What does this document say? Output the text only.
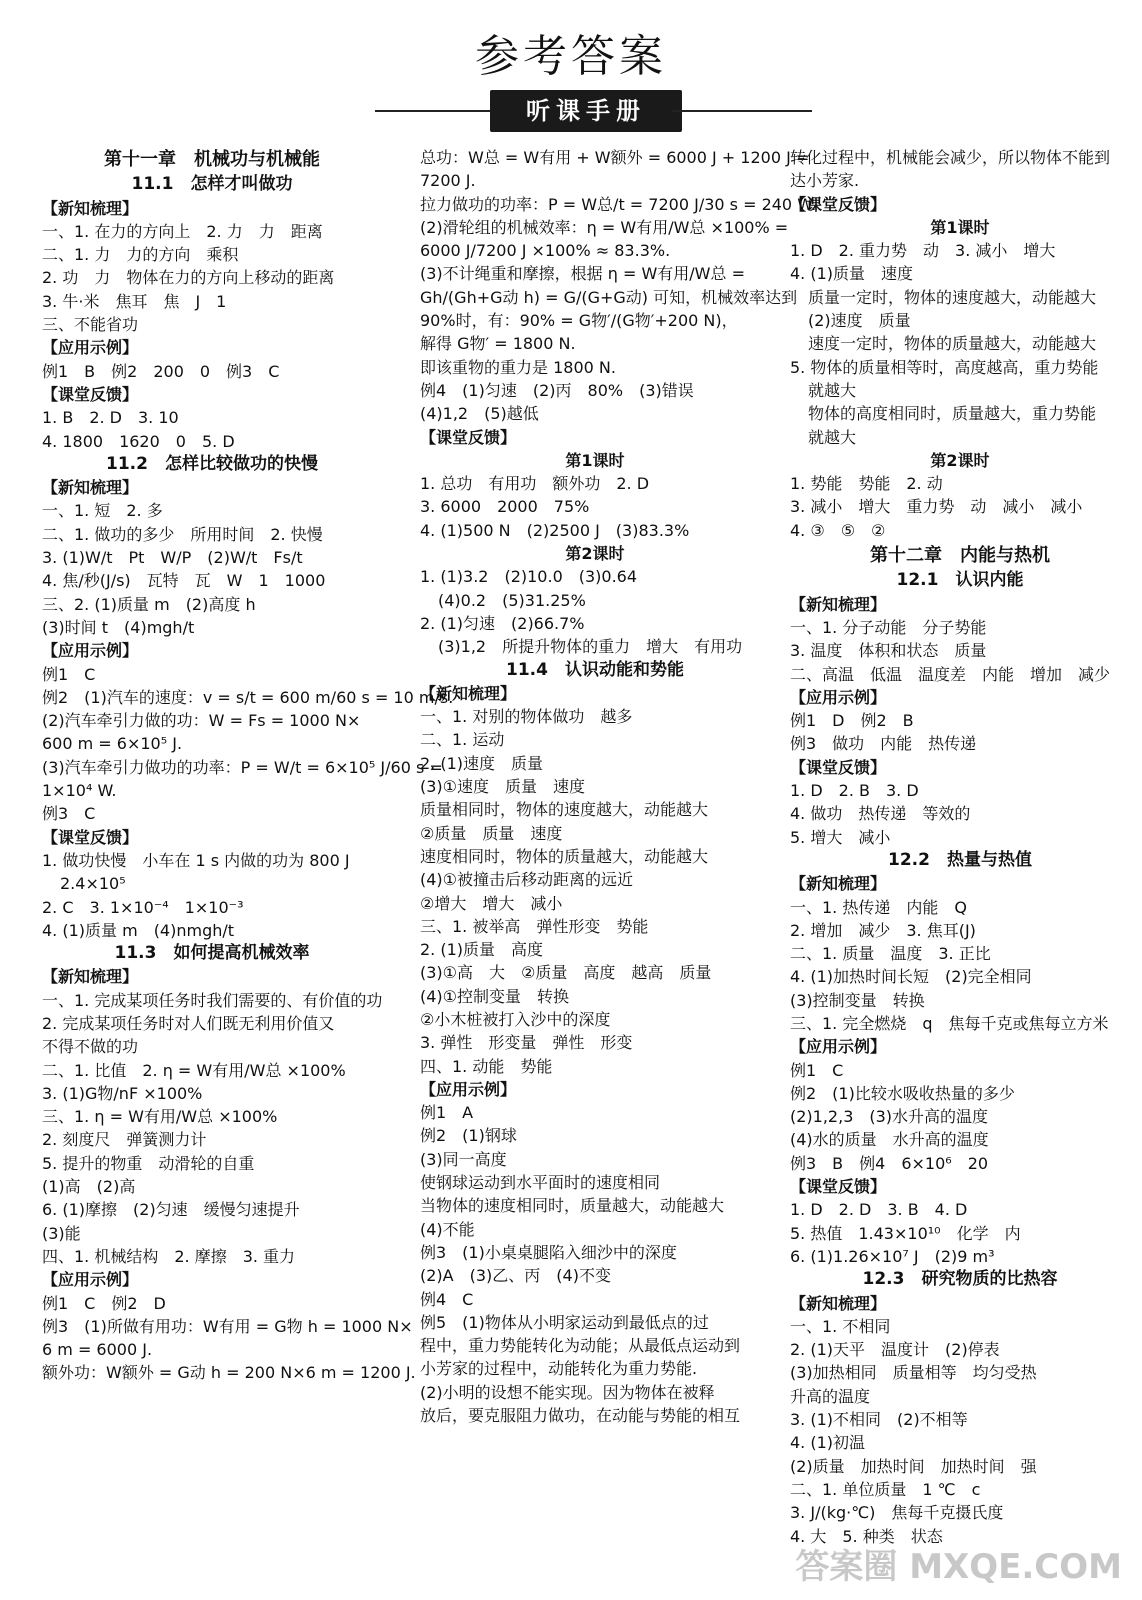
参考答案
听课手册
第十一章　机械功与机械能
11.1　怎样才叫做功
【新知梳理】
一、1. 在力的方向上　2. 力　力　距离
二、1. 力　力的方向　乘积
2. 功　力　物体在力的方向上移动的距离
3. 牛·米　焦耳　焦　J　1
三、不能省功
【应用示例】
例1　B　例2　200　0　例3　C
【课堂反馈】
1. B　2. D　3. 10
4. 1800　1620　0　5. D
11.2　怎样比较做功的快慢
【新知梳理】
一、1. 短　2. 多
二、1. 做功的多少　所用时间　2. 快慢
3. (1)W/t　Pt　W/P　(2)W/t　Fs/t
4. 焦/秒(J/s)　瓦特　瓦　W　1　1000
三、2. (1)质量 m　(2)高度 h
(3)时间 t　(4)mgh/t
【应用示例】
例1　C
例2　(1)汽车的速度：v = s/t = 600 m/60 s = 10 m/s.
(2)汽车牵引力做的功：W = Fs = 1000 N×
600 m = 6×10⁵ J.
(3)汽车牵引力做功的功率：P = W/t = 6×10⁵ J/60 s =
1×10⁴ W.
例3　C
【课堂反馈】
1. 做功快慢　小车在 1 s 内做的功为 800 J
2.4×10⁵
2. C　3. 1×10⁻⁴　1×10⁻³
4. (1)质量 m　(4)nmgh/t
11.3　如何提高机械效率
【新知梳理】
一、1. 完成某项任务时我们需要的、有价值的功
2. 完成某项任务时对人们既无利用价值又
不得不做的功
二、1. 比值　2. η = W有用/W总 ×100%
3. (1)G物/nF ×100%
三、1. η = W有用/W总 ×100%
2. 刻度尺　弹簧测力计
5. 提升的物重　动滑轮的自重
(1)高　(2)高
6. (1)摩擦　(2)匀速　缓慢匀速提升
(3)能
四、1. 机械结构　2. 摩擦　3. 重力
【应用示例】
例1　C　例2　D
例3　(1)所做有用功：W有用 = G物 h = 1000 N×
6 m = 6000 J.
额外功：W额外 = G动 h = 200 N×6 m = 1200 J.
总功：W总 = W有用 + W额外 = 6000 J + 1200 J =
7200 J.
拉力做功的功率：P = W总/t = 7200 J/30 s = 240 W.
(2)滑轮组的机械效率：η = W有用/W总 ×100% =
6000 J/7200 J ×100% ≈ 83.3%.
(3)不计绳重和摩擦，根据 η = W有用/W总 =
Gh/(Gh+G动 h) = G/(G+G动) 可知，机械效率达到
90%时，有：90% = G物′/(G物′+200 N)，
解得 G物′ = 1800 N.
即该重物的重力是 1800 N.
例4　(1)匀速　(2)丙　80%　(3)错误
(4)1,2　(5)越低
【课堂反馈】
第1课时
1. 总功　有用功　额外功　2. D
3. 6000　2000　75%
4. (1)500 N　(2)2500 J　(3)83.3%
第2课时
1. (1)3.2　(2)10.0　(3)0.64
(4)0.2　(5)31.25%
2. (1)匀速　(2)66.7%
(3)1,2　所提升物体的重力　增大　有用功
11.4　认识动能和势能
【新知梳理】
一、1. 对别的物体做功　越多
二、1. 运动
2. (1)速度　质量
(3)①速度　质量　速度
质量相同时，物体的速度越大，动能越大
②质量　质量　速度
速度相同时，物体的质量越大，动能越大
(4)①被撞击后移动距离的远近
②增大　增大　减小
三、1. 被举高　弹性形变　势能
2. (1)质量　高度
(3)①高　大　②质量　高度　越高　质量
(4)①控制变量　转换
②小木桩被打入沙中的深度
3. 弹性　形变量　弹性　形变
四、1. 动能　势能
【应用示例】
例1　A
例2　(1)钢球
(3)同一高度
使钢球运动到水平面时的速度相同
当物体的速度相同时，质量越大，动能越大
(4)不能
例3　(1)小桌桌腿陷入细沙中的深度
(2)A　(3)乙、丙　(4)不变
例4　C
例5　(1)物体从小明家运动到最低点的过
程中，重力势能转化为动能；从最低点运动到
小芳家的过程中，动能转化为重力势能.
(2)小明的设想不能实现。因为物体在被释
放后，要克服阻力做功，在动能与势能的相互
转化过程中，机械能会减少，所以物体不能到
达小芳家.
【课堂反馈】
第1课时
1. D　2. 重力势　动　3. 减小　增大
4. (1)质量　速度
质量一定时，物体的速度越大，动能越大
(2)速度　质量
速度一定时，物体的质量越大，动能越大
5. 物体的质量相等时，高度越高，重力势能
就越大
物体的高度相同时，质量越大，重力势能
就越大
第2课时
1. 势能　势能　2. 动
3. 减小　增大　重力势　动　减小　减小
4. ③　⑤　②
第十二章　内能与热机
12.1　认识内能
【新知梳理】
一、1. 分子动能　分子势能
3. 温度　体积和状态　质量
二、高温　低温　温度差　内能　增加　减少
【应用示例】
例1　D　例2　B
例3　做功　内能　热传递
【课堂反馈】
1. D　2. B　3. D
4. 做功　热传递　等效的
5. 增大　减小
12.2　热量与热值
【新知梳理】
一、1. 热传递　内能　Q
2. 增加　减少　3. 焦耳(J)
二、1. 质量　温度　3. 正比
4. (1)加热时间长短　(2)完全相同
(3)控制变量　转换
三、1. 完全燃烧　q　焦每千克或焦每立方米
【应用示例】
例1　C
例2　(1)比较水吸收热量的多少
(2)1,2,3　(3)水升高的温度
(4)水的质量　水升高的温度
例3　B　例4　6×10⁶　20
【课堂反馈】
1. D　2. D　3. B　4. D
5. 热值　1.43×10¹⁰　化学　内
6. (1)1.26×10⁷ J　(2)9 m³
12.3　研究物质的比热容
【新知梳理】
一、1. 不相同
2. (1)天平　温度计　(2)停表
(3)加热相同　质量相等　均匀受热
升高的温度
3. (1)不相同　(2)不相等
4. (1)初温
(2)质量　加热时间　加热时间　强
二、1. 单位质量　1 ℃　c
3. J/(kg·℃)　焦每千克摄氏度
4. 大　5. 种类　状态
答案圈 MXQE.COM
